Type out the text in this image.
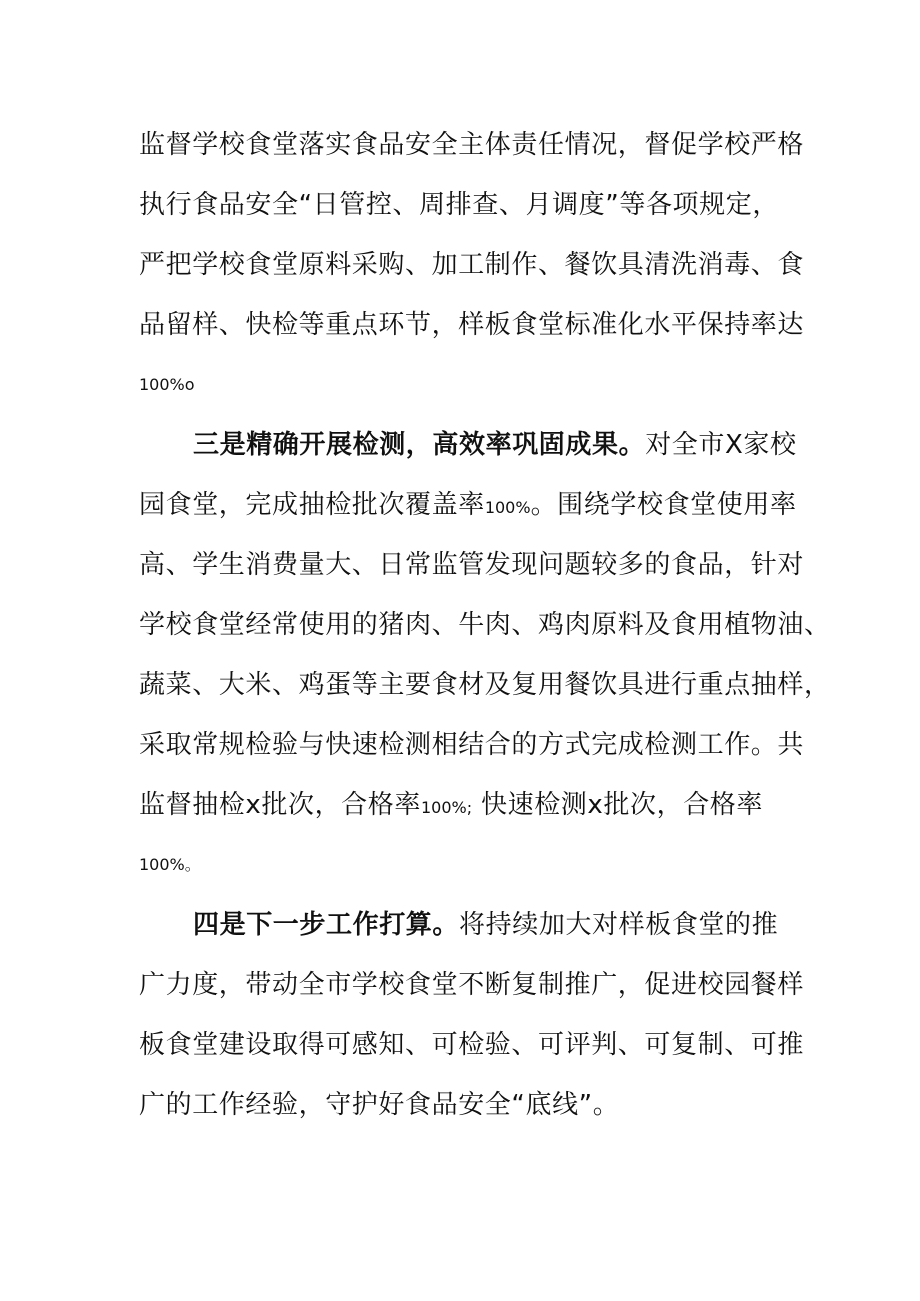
监督学校食堂落实食品安全主体责任情况，督促学校严格
执行食品安全“日管控、周排查、月调度”等各项规定，
严把学校食堂原料采购、加工制作、餐饮具清洗消毒、食
品留样、快检等重点环节，样板食堂标准化水平保持率达
100%o
三是精确开展检测，高效率巩固成果。对全市X家校
园食堂，完成抽检批次覆盖率100%。围绕学校食堂使用率
高、学生消费量大、日常监管发现问题较多的食品，针对
学校食堂经常使用的猪肉、牛肉、鸡肉原料及食用植物油、
蔬菜、大米、鸡蛋等主要食材及复用餐饮具进行重点抽样，
采取常规检验与快速检测相结合的方式完成检测工作。共
监督抽检x批次，合格率100%; 快速检测x批次，合格率
100%。
四是下一步工作打算。将持续加大对样板食堂的推
广力度，带动全市学校食堂不断复制推广，促进校园餐样
板食堂建设取得可感知、可检验、可评判、可复制、可推
广的工作经验，守护好食品安全“底线”。
